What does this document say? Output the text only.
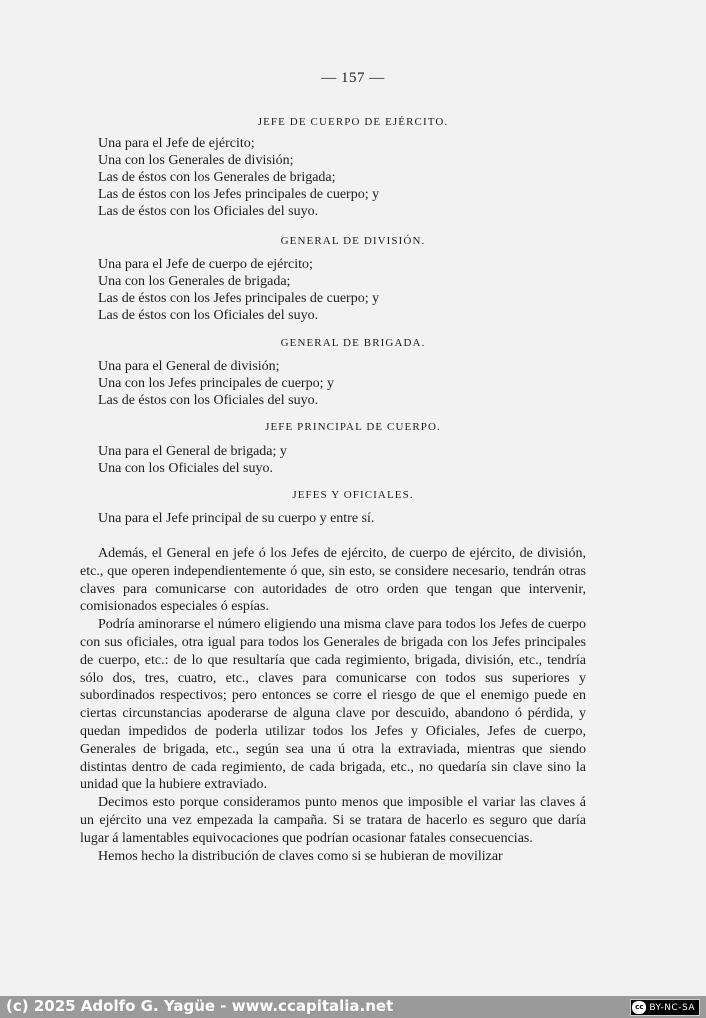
— 157 —
JEFE DE CUERPO DE EJÉRCITO.
Una para el Jefe de ejército;
Una con los Generales de división;
Las de éstos con los Generales de brigada;
Las de éstos con los Jefes principales de cuerpo; y
Las de éstos con los Oficiales del suyo.
GENERAL DE DIVISIÓN.
Una para el Jefe de cuerpo de ejército;
Una con los Generales de brigada;
Las de éstos con los Jefes principales de cuerpo; y
Las de éstos con los Oficiales del suyo.
GENERAL DE BRIGADA.
Una para el General de división;
Una con los Jefes principales de cuerpo; y
Las de éstos con los Oficiales del suyo.
JEFE PRINCIPAL DE CUERPO.
Una para el General de brigada; y
Una con los Oficiales del suyo.
JEFES Y OFICIALES.
Una para el Jefe principal de su cuerpo y entre sí.

Además, el General en jefe ó los Jefes de ejército, de cuerpo de ejército, de división, etc., que operen independientemente ó que, sin esto, se considere necesario, tendrán otras claves para comunicarse con autoridades de otro orden que tengan que intervenir, comisionados especiales ó espías.

Podría aminorarse el número eligiendo una misma clave para todos los Jefes de cuerpo con sus oficiales, otra igual para todos los Generales de brigada con los Jefes principales de cuerpo, etc.: de lo que resultaría que cada regimiento, brigada, división, etc., tendría sólo dos, tres, cuatro, etc., claves para comunicarse con todos sus superiores y subordinados respectivos; pero entonces se corre el riesgo de que el enemigo puede en ciertas circunstancias apoderarse de alguna clave por descuido, abandono ó pérdida, y quedan impedidos de poderla utilizar todos los Jefes y Oficiales, Jefes de cuerpo, Generales de brigada, etc., según sea una ú otra la extraviada, mientras que siendo distintas dentro de cada regimiento, de cada brigada, etc., no quedaría sin clave sino la unidad que la hubiere extraviado.

Decimos esto porque consideramos punto menos que imposible el variar las claves á un ejército una vez empezada la campaña. Si se tratara de hacerlo es seguro que daría lugar á lamentables equivocaciones que podrían ocasionar fatales consecuencias.

Hemos hecho la distribución de claves como si se hubieran de movilizar

(c) 2025 Adolfo G. Yagüe - www.ccapitalia.net	cc BY-NC-SA
